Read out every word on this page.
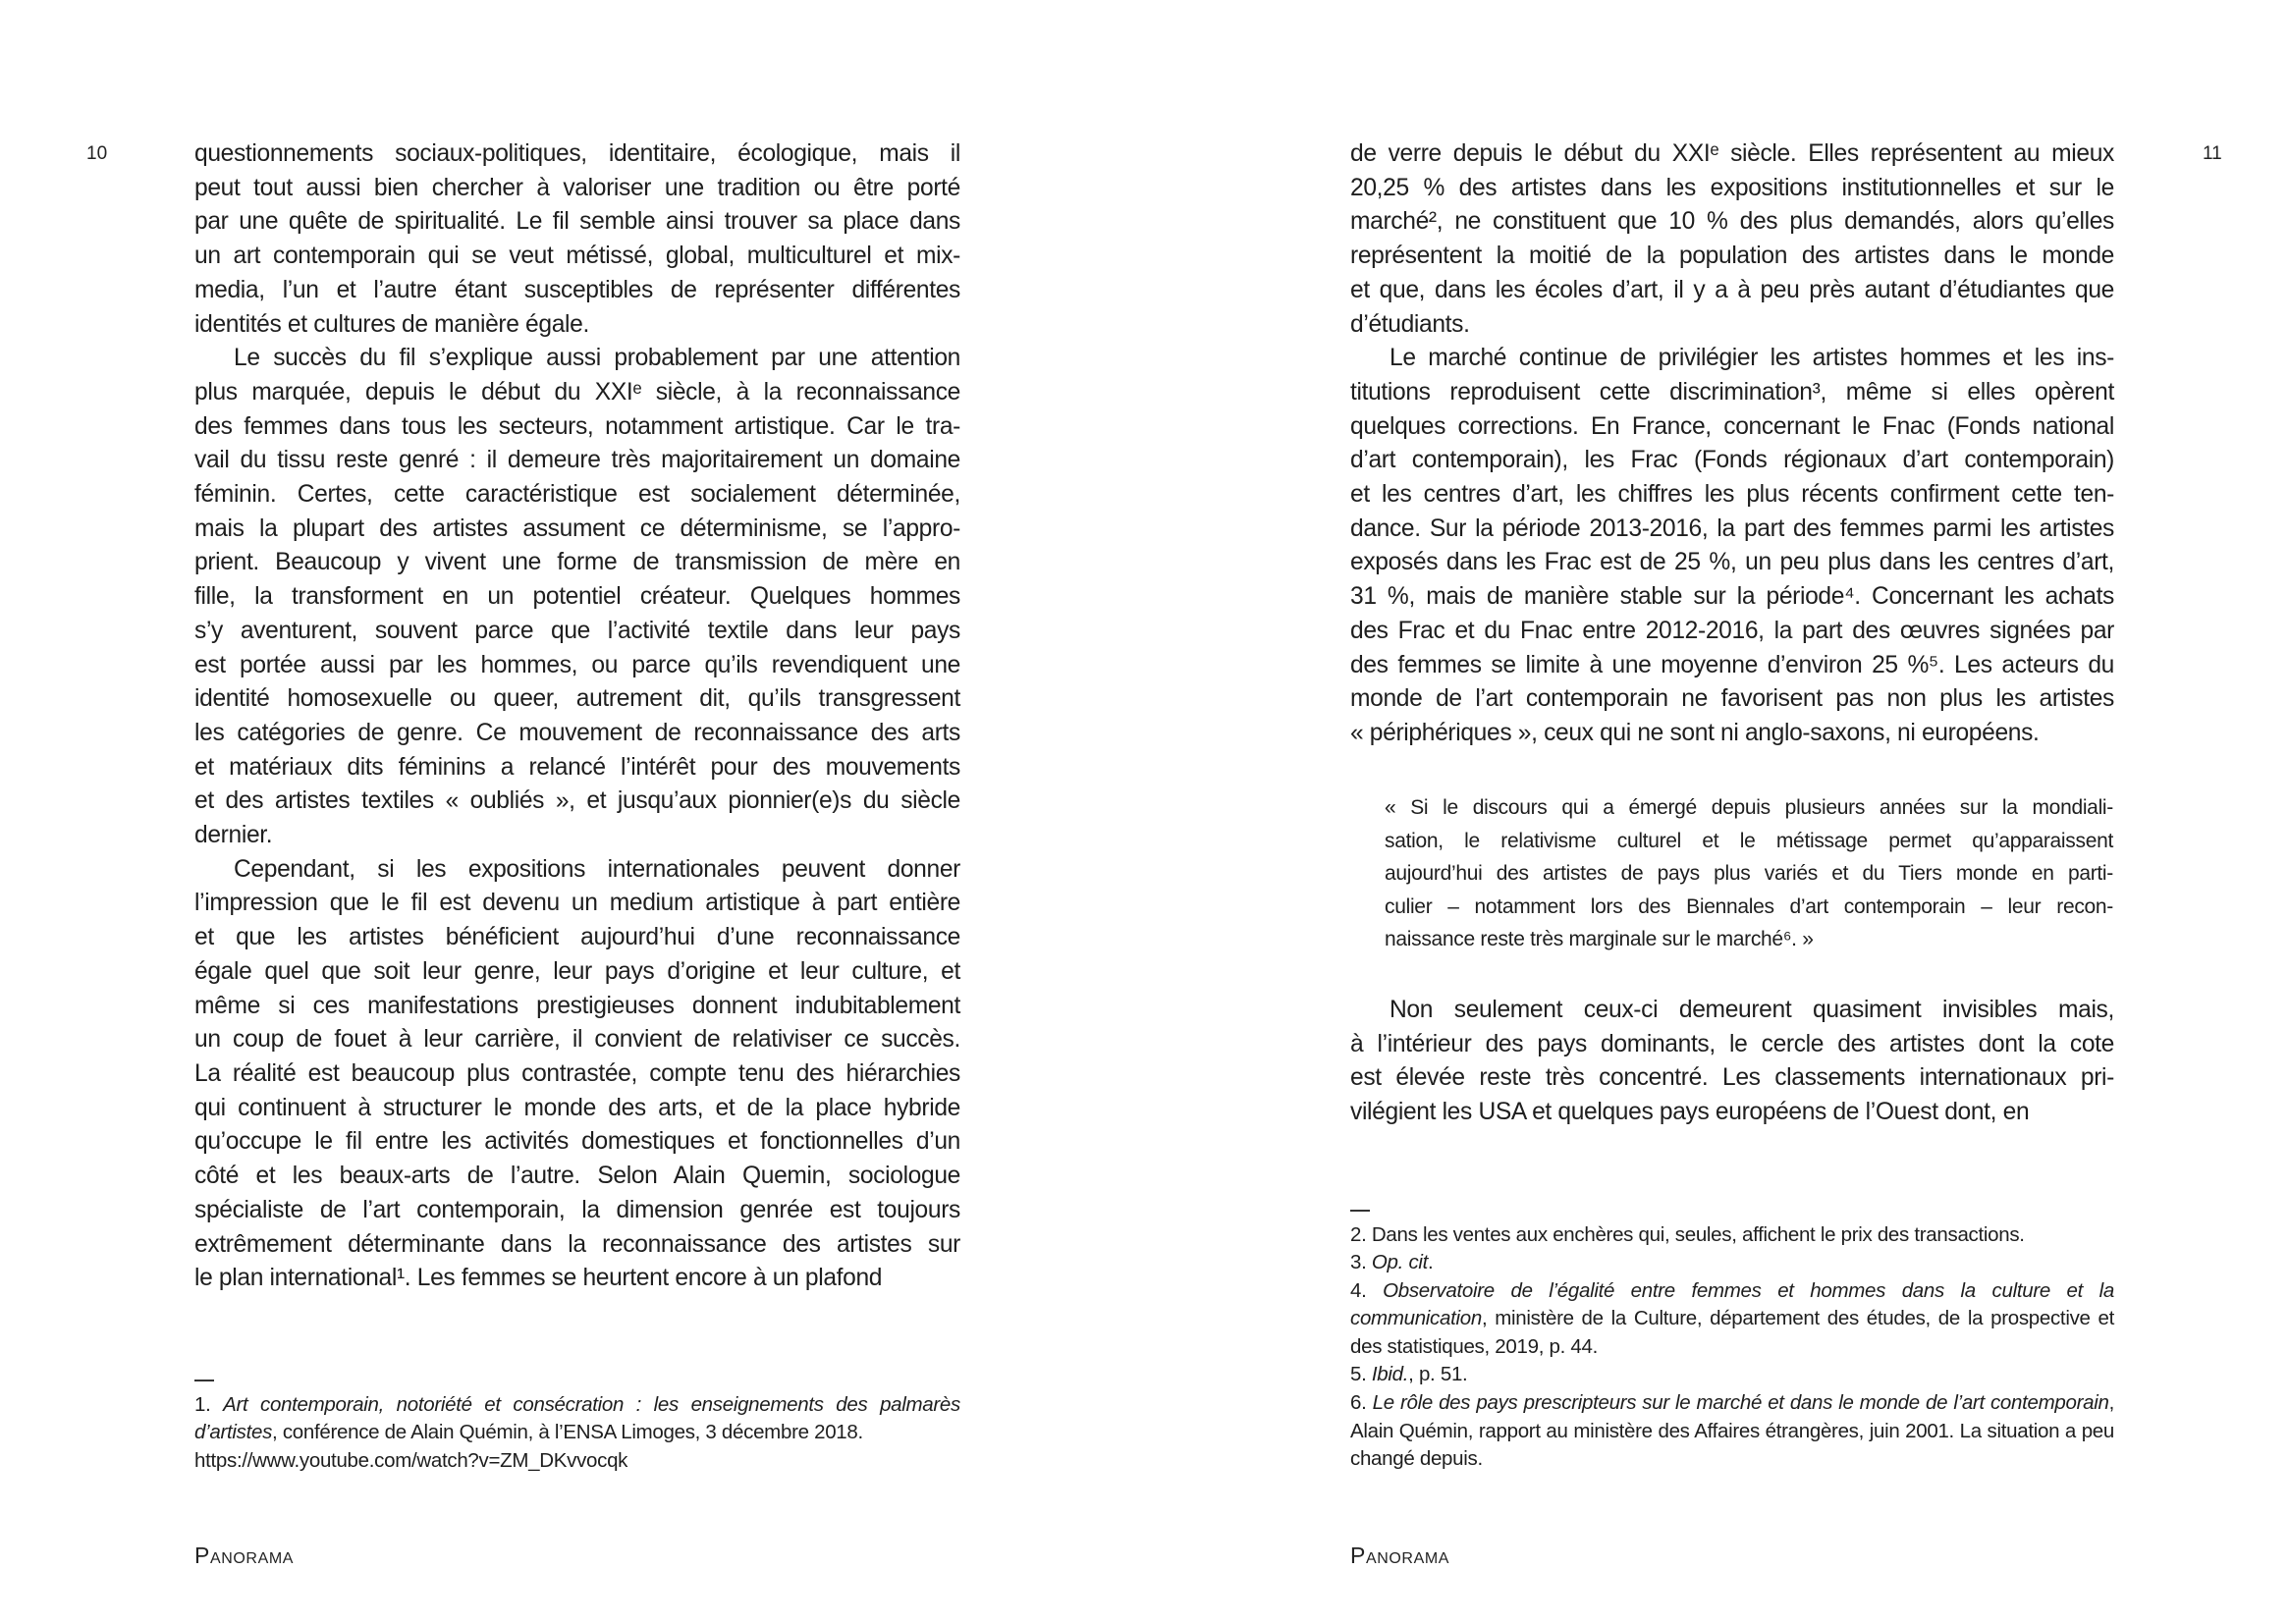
10	questionnements sociaux-politiques, identitaire, écologique, mais il
peut tout aussi bien chercher à valoriser une tradition ou être porté
par une quête de spiritualité. Le fil semble ainsi trouver sa place dans
un art contemporain qui se veut métissé, global, multiculturel et mix-
media, l’un et l’autre étant susceptibles de représenter différentes
identités et cultures de manière égale.
Le succès du fil s’explique aussi probablement par une attention
plus marquée, depuis le début du XXIᵉ siècle, à la reconnaissance
des femmes dans tous les secteurs, notamment artistique. Car le tra-
vail du tissu reste genré : il demeure très majoritairement un domaine
féminin. Certes, cette caractéristique est socialement déterminée,
mais la plupart des artistes assument ce déterminisme, se l’appro-
prient. Beaucoup y vivent une forme de transmission de mère en
fille, la transforment en un potentiel créateur. Quelques hommes
s’y aventurent, souvent parce que l’activité textile dans leur pays
est portée aussi par les hommes, ou parce qu’ils revendiquent une
identité homosexuelle ou queer, autrement dit, qu’ils transgressent
les catégories de genre. Ce mouvement de reconnaissance des arts
et matériaux dits féminins a relancé l’intérêt pour des mouvements
et des artistes textiles « oubliés », et jusqu’aux pionnier(e)s du siècle
dernier.
Cependant, si les expositions internationales peuvent donner
l’impression que le fil est devenu un medium artistique à part entière
et que les artistes bénéficient aujourd’hui d’une reconnaissance
égale quel que soit leur genre, leur pays d’origine et leur culture, et
même si ces manifestations prestigieuses donnent indubitablement
un coup de fouet à leur carrière, il convient de relativiser ce succès.
La réalité est beaucoup plus contrastée, compte tenu des hiérarchies
qui continuent à structurer le monde des arts, et de la place hybride
qu’occupe le fil entre les activités domestiques et fonctionnelles d’un
côté et les beaux-arts de l’autre. Selon Alain Quemin, sociologue
spécialiste de l’art contemporain, la dimension genrée est toujours
extrêmement déterminante dans la reconnaissance des artistes sur
le plan international¹. Les femmes se heurtent encore à un plafond
1. Art contemporain, notoriété et consécration : les enseignements des palmarès d’artistes, conférence de Alain Quémin, à l’ENSA Limoges, 3 décembre 2018.
https://www.youtube.com/watch?v=ZM_DKvvocqk
Panorama
11
de verre depuis le début du XXIᵉ siècle. Elles représentent au mieux
20,25 % des artistes dans les expositions institutionnelles et sur le
marché², ne constituent que 10 % des plus demandés, alors qu’elles
représentent la moitié de la population des artistes dans le monde
et que, dans les écoles d’art, il y a à peu près autant d’étudiantes que
d’étudiants.
Le marché continue de privilégier les artistes hommes et les ins-
titutions reproduisent cette discrimination³, même si elles opèrent
quelques corrections. En France, concernant le Fnac (Fonds national
d’art contemporain), les Frac (Fonds régionaux d’art contemporain)
et les centres d’art, les chiffres les plus récents confirment cette ten-
dance. Sur la période 2013-2016, la part des femmes parmi les artistes
exposés dans les Frac est de 25 %, un peu plus dans les centres d’art,
31 %, mais de manière stable sur la période⁴. Concernant les achats
des Frac et du Fnac entre 2012-2016, la part des œuvres signées par
des femmes se limite à une moyenne d’environ 25 %⁵. Les acteurs du
monde de l’art contemporain ne favorisent pas non plus les artistes
« périphériques », ceux qui ne sont ni anglo-saxons, ni européens.
« Si le discours qui a émergé depuis plusieurs années sur la mondiali-
sation, le relativisme culturel et le métissage permet qu’apparaissent
aujourd’hui des artistes de pays plus variés et du Tiers monde en parti-
culier – notamment lors des Biennales d’art contemporain – leur recon-
naissance reste très marginale sur le marché⁶. »
Non seulement ceux-ci demeurent quasiment invisibles mais,
à l’intérieur des pays dominants, le cercle des artistes dont la cote
est élevée reste très concentré. Les classements internationaux pri-
vilégient les USA et quelques pays européens de l’Ouest dont, en
2. Dans les ventes aux enchères qui, seules, affichent le prix des transactions.
3. Op. cit.
4. Observatoire de l’égalité entre femmes et hommes dans la culture et la communication, ministère de la Culture, département des études, de la prospective et des statistiques, 2019, p. 44.
5. Ibid., p. 51.
6. Le rôle des pays prescripteurs sur le marché et dans le monde de l’art contemporain, Alain Quémin, rapport au ministère des Affaires étrangères, juin 2001. La situation a peu changé depuis.
Panorama
